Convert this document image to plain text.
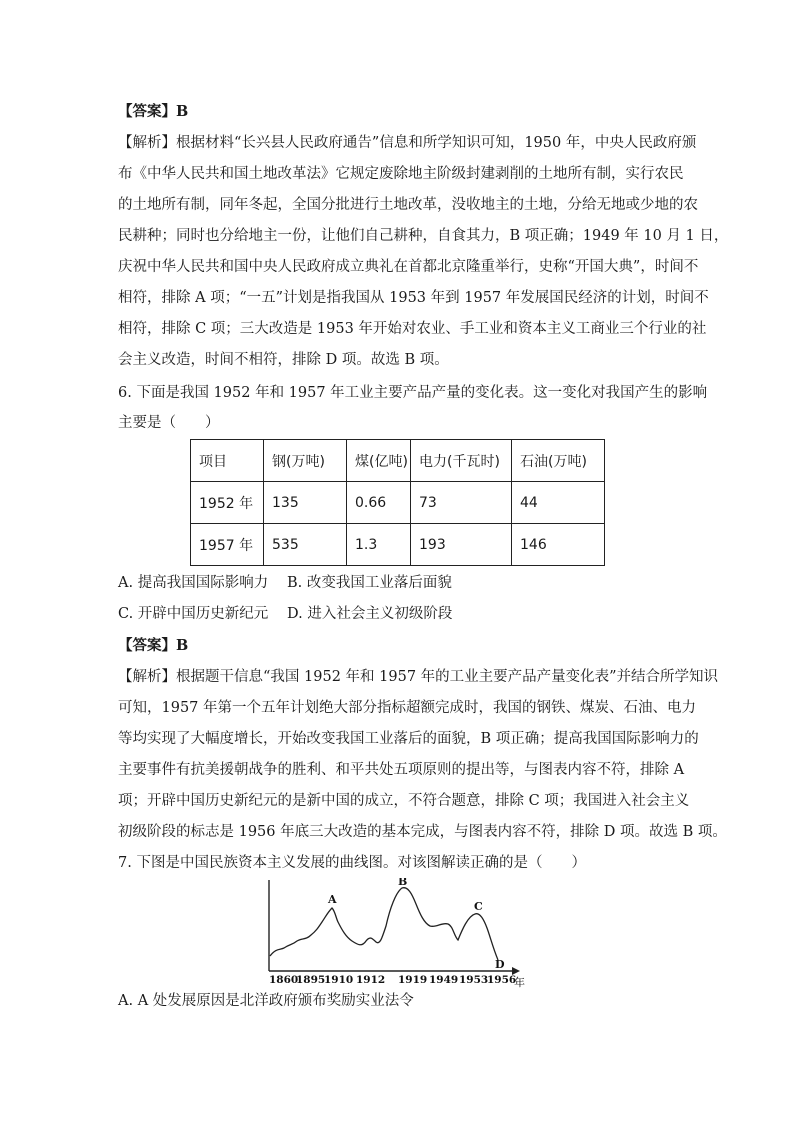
【答案】B
【解析】根据材料“长兴县人民政府通告”信息和所学知识可知，1950 年，中央人民政府颁
布《中华人民共和国土地改革法》它规定废除地主阶级封建剥削的土地所有制，实行农民
的土地所有制，同年冬起，全国分批进行土地改革，没收地主的土地，分给无地或少地的农
民耕种；同时也分给地主一份，让他们自己耕种，自食其力，B 项正确；1949 年 10 月 1 日，
庆祝中华人民共和国中央人民政府成立典礼在首都北京隆重举行，史称“开国大典”，时间不
相符，排除 A 项；“一五”计划是指我国从 1953 年到 1957 年发展国民经济的计划，时间不
相符，排除 C 项；三大改造是 1953 年开始对农业、手工业和资本主义工商业三个行业的社
会主义改造，时间不相符，排除 D 项。故选 B 项。
6. 下面是我国 1952 年和 1957 年工业主要产品产量的变化表。这一变化对我国产生的影响
主要是（　　）
项目	钢(万吨)	煤(亿吨)	电力(千瓦时)	石油(万吨)
1952 年	135	0.66	73	44
1957 年	535	1.3	193	146
A. 提高我国国际影响力 B. 改变我国工业落后面貌
C. 开辟中国历史新纪元 D. 进入社会主义初级阶段
【答案】B
【解析】根据题干信息“我国 1952 年和 1957 年的工业主要产品产量变化表”并结合所学知识
可知，1957 年第一个五年计划绝大部分指标超额完成时，我国的钢铁、煤炭、石油、电力
等均实现了大幅度增长，开始改变我国工业落后的面貌，B 项正确；提高我国国际影响力的
主要事件有抗美援朝战争的胜利、和平共处五项原则的提出等，与图表内容不符，排除 A
项；开辟中国历史新纪元的是新中国的成立，不符合题意，排除 C 项；我国进入社会主义
初级阶段的标志是 1956 年底三大改造的基本完成，与图表内容不符，排除 D 项。故选 B 项。
7. 下图是中国民族资本主义发展的曲线图。对该图解读正确的是（　　）
A
B
C
D
1860
1895
1910 1912 1919 1949 1953
1956
年
A. A 处发展原因是北洋政府颁布奖励实业法令
